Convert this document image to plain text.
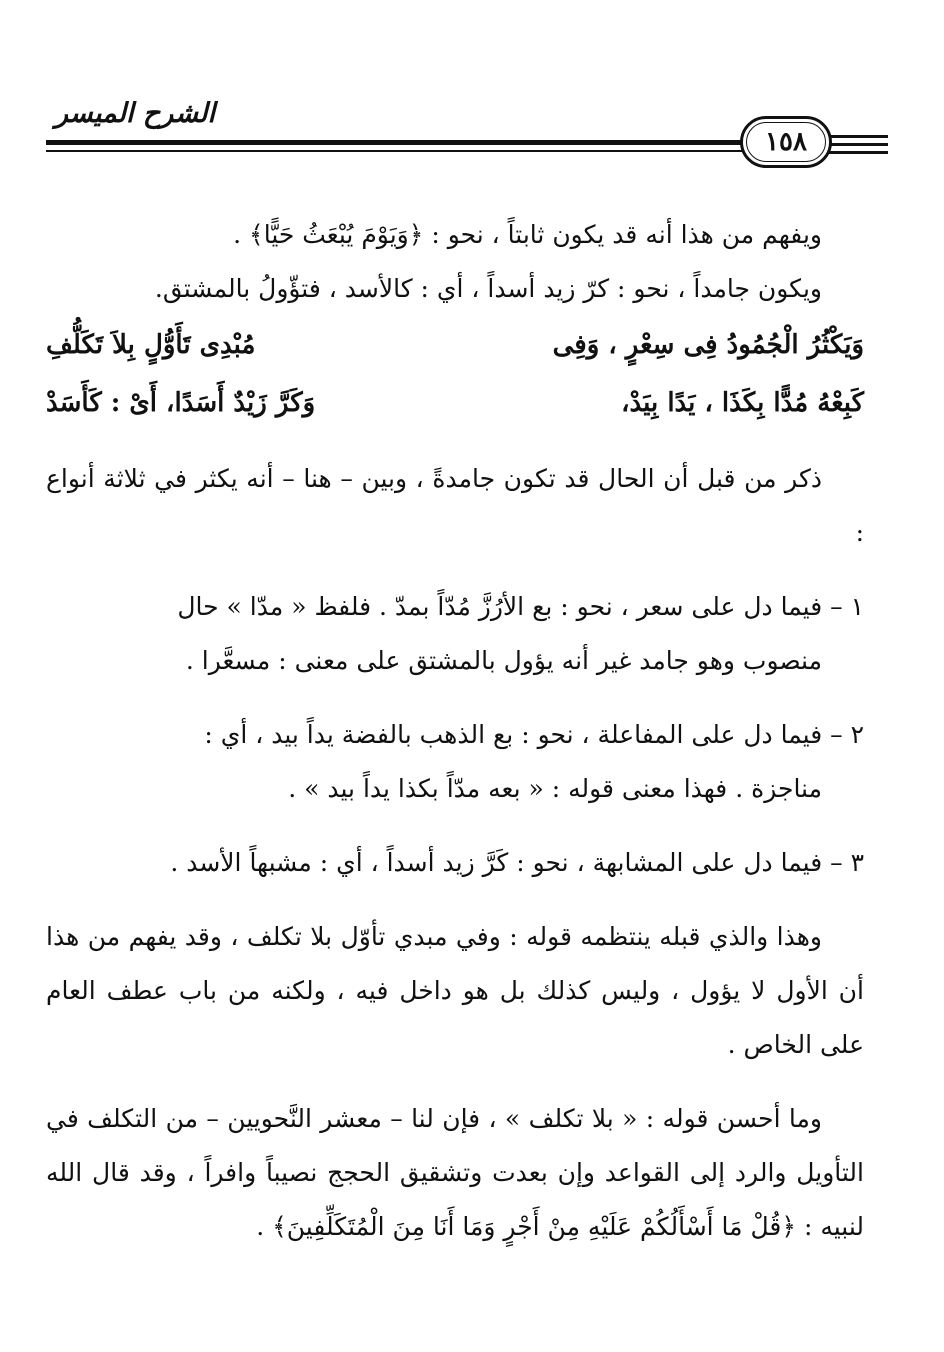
الشرح الميسر
١٥٨

ويفهم من هذا أنه قد يكون ثابتاً ، نحو : ﴿وَيَوْمَ يُبْعَثُ حَيًّا﴾ .

ويكون جامداً ، نحو : كرّ زيد أسداً ، أي : كالأسد ، فتؤّولُ بالمشتق.

وَيَكْثُرُ الْجُمُودُ فِى سِعْرٍ ، وَفِى
مُبْدِى تَأَوُّلٍ بِلاَ تَكَلُّفِ
كَبِعْهُ مُدًّا بِكَذَا ، يَدًا بِيَدْ،
وَكَرَّ زَيْدٌ أَسَدًا، أَىْ : كَأَسَدْ

ذكر من قبل أن الحال قد تكون جامدةً ، وبين – هنا – أنه يكثر في ثلاثة أنواع :

١ – فيما دل على سعر ، نحو : بع الأرُزَّ مُدّاً بمدّ . فلفظ « مدّا » حال

منصوب وهو جامد غير أنه يؤول بالمشتق على معنى : مسعَّرا .

٢ – فيما دل على المفاعلة ، نحو : بع الذهب بالفضة يداً بيد ، أي :

مناجزة . فهذا معنى قوله : « بعه مدّاً بكذا يداً بيد » .

٣ – فيما دل على المشابهة ، نحو : كَرَّ زيد أسداً ، أي : مشبهاً الأسد .

وهذا والذي قبله ينتظمه قوله : وفي مبدي تأوّل بلا تكلف ، وقد يفهم من هذا أن الأول لا يؤول ، وليس كذلك بل هو داخل فيه ، ولكنه من باب عطف العام على الخاص .

وما أحسن قوله : « بلا تكلف » ، فإن لنا – معشر النَّحويين – من التكلف في التأويل والرد إلى القواعد وإن بعدت وتشقيق الحجج نصيباً وافراً ، وقد قال الله لنبيه : ﴿قُلْ مَا أَسْأَلُكُمْ عَلَيْهِ مِنْ أَجْرٍ وَمَا أَنَا مِنَ الْمُتَكَلِّفِينَ﴾ .
